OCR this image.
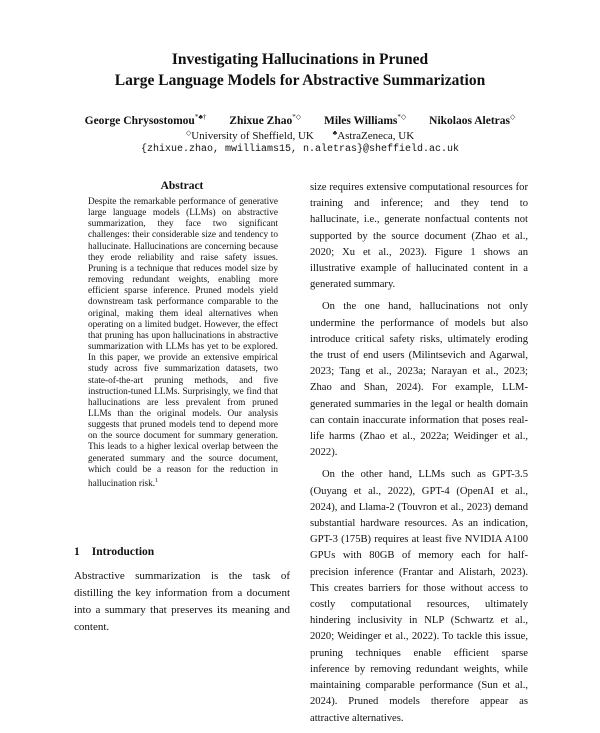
Investigating Hallucinations in Pruned
Large Language Models for Abstractive Summarization
George Chrysostomou*♣† Zhixue Zhao*◇ Miles Williams*◇ Nikolaos Aletras◇
◇University of Sheffield, UK	♣AstraZeneca, UK
{zhixue.zhao, mwilliams15, n.aletras}@sheffield.ac.uk
Abstract
Despite the remarkable performance of generative large language models (LLMs) on abstractive summarization, they face two significant challenges: their considerable size and tendency to hallucinate. Hallucinations are concerning because they erode reliability and raise safety issues. Pruning is a technique that reduces model size by removing redundant weights, enabling more efficient sparse inference. Pruned models yield downstream task performance comparable to the original, making them ideal alternatives when operating on a limited budget. However, the effect that pruning has upon hallucinations in abstractive summarization with LLMs has yet to be explored. In this paper, we provide an extensive empirical study across five summarization datasets, two state-of-the-art pruning methods, and five instruction-tuned LLMs. Surprisingly, we find that hallucinations are less prevalent from pruned LLMs than the original models. Our analysis suggests that pruned models tend to depend more on the source document for summary generation. This leads to a higher lexical overlap between the generated summary and the source document, which could be a reason for the reduction in hallucination risk.$^1$
1 Introduction
Abstractive summarization is the task of distilling the key information from a document into a summary that preserves its meaning and content.

size requires extensive computational resources for training and inference; and they tend to hallucinate, i.e., generate nonfactual contents not supported by the source document (Zhao et al., 2020; Xu et al., 2023). Figure 1 shows an illustrative example of hallucinated content in a generated summary.

On the one hand, hallucinations not only undermine the performance of models but also introduce critical safety risks, ultimately eroding the trust of end users (Milintsevich and Agarwal, 2023; Tang et al., 2023a; Narayan et al., 2023; Zhao and Shan, 2024). For example, LLM-generated summaries in the legal or health domain can contain inaccurate information that poses real-life harms (Zhao et al., 2022a; Weidinger et al., 2022).

On the other hand, LLMs such as GPT-3.5 (Ouyang et al., 2022), GPT-4 (OpenAI et al., 2024), and Llama-2 (Touvron et al., 2023) demand substantial hardware resources. As an indication, GPT-3 (175B) requires at least five NVIDIA A100 GPUs with 80GB of memory each for half-precision inference (Frantar and Alistarh, 2023). This creates barriers for those without access to costly computational resources, ultimately hindering inclusivity in NLP (Schwartz et al., 2020; Weidinger et al., 2022). To tackle this issue, pruning techniques enable efficient sparse inference by removing redundant weights, while maintaining comparable performance (Sun et al., 2024). Pruned models therefore appear as attractive alternatives.
